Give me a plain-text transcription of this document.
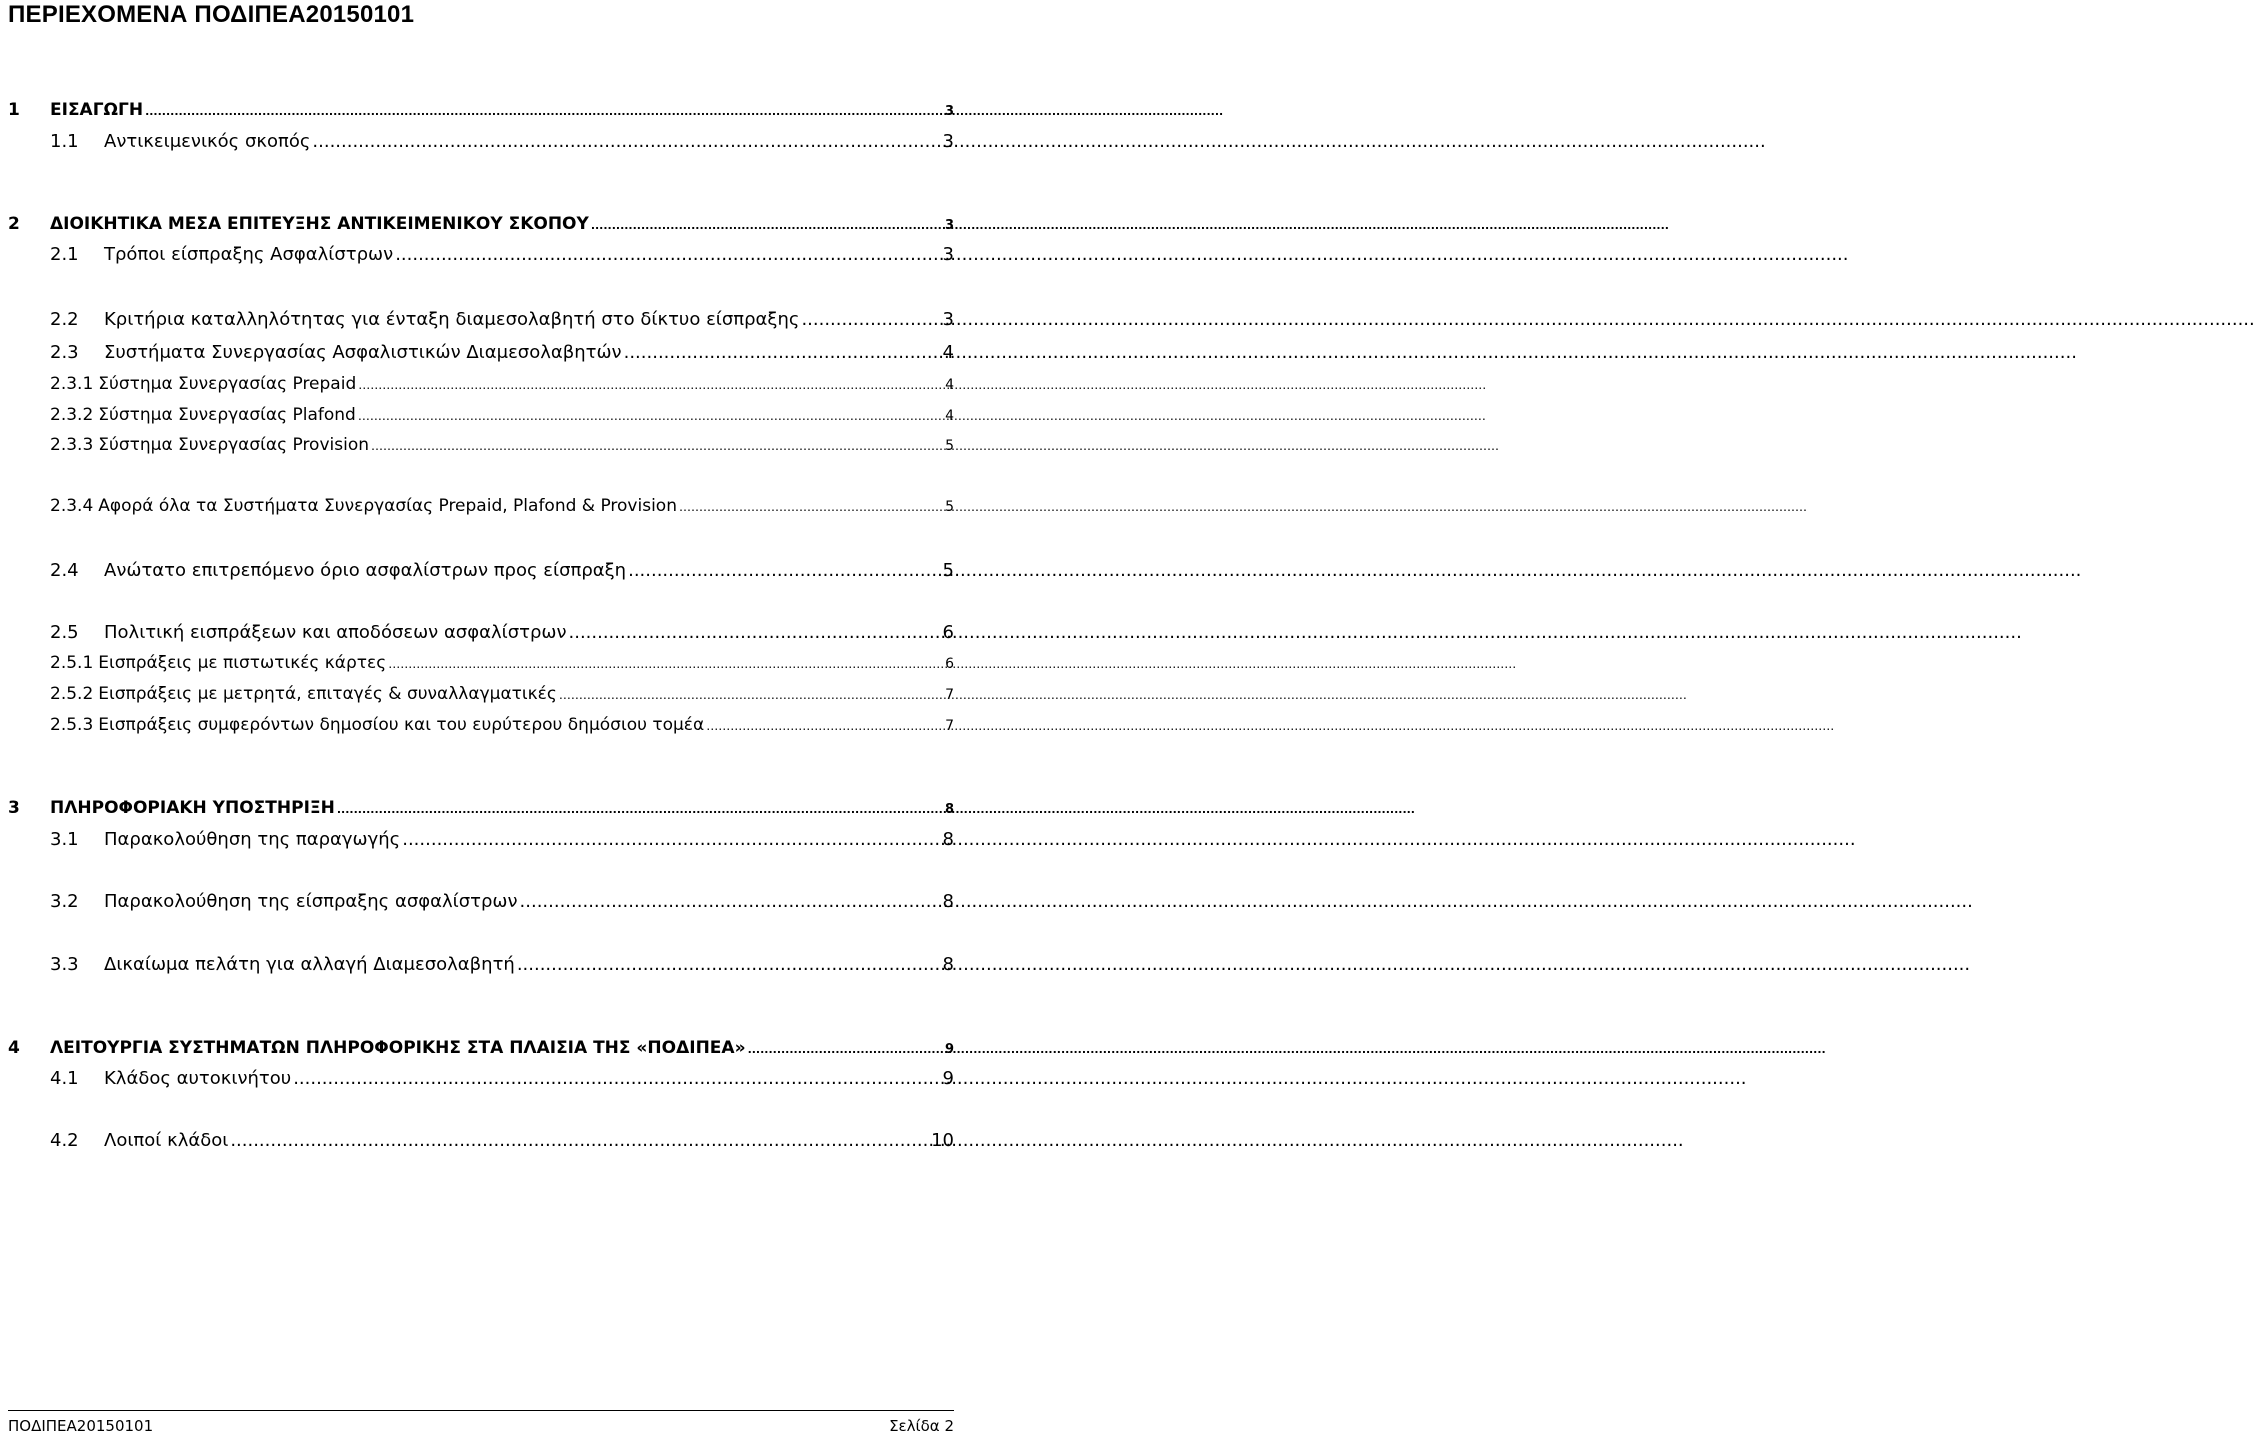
ΠΕΡΙΕΧΟΜΕΝΑ ΠΟΔΙΠΕΑ20150101
1	ΕΙΣΑΓΩΓΗ .....	3
1.1	Αντικειμενικός σκοπός .....	3
2	ΔΙΟΙΚΗΤΙΚΑ ΜΕΣΑ ΕΠΙΤΕΥΞΗΣ ΑΝΤΙΚΕΙΜΕΝΙΚΟΥ ΣΚΟΠΟΥ .....	3
2.1	Τρόποι είσπραξης Ασφαλίστρων .....	3
2.2	Κριτήρια καταλληλότητας για ένταξη διαμεσολαβητή στο δίκτυο είσπραξης .....	3
2.3	Συστήματα Συνεργασίας Ασφαλιστικών Διαμεσολαβητών .....	4
2.3.1 Σύστημα Συνεργασίας Prepaid …………………………………………………………………………………………………………………………………………………………………………………………………………………………………………………………	4
2.3.2 Σύστημα Συνεργασίας Plafond …………………………………………………………………………………………………………………………………………………………………………………………………………………………………………………………	4
2.3.3 Σύστημα Συνεργασίας Provision …………………………………………………………………………………………………………………………………………………………………………………………………………………………………………………………	5
2.3.4 Αφορά όλα τα Συστήματα Συνεργασίας Prepaid, Plafond & Provision …………………………………………………………………………………………………………………………………………………………………………………………………………………………………………………………	5
2.4	Ανώτατο επιτρεπόμενο όριο ασφαλίστρων προς είσπραξη .....	5
2.5	Πολιτική εισπράξεων και αποδόσεων ασφαλίστρων .....	6
2.5.1 Εισπράξεις με πιστωτικές κάρτες …………………………………………………………………………………………………………………………………………………………………………………………………………………………………………………………	6
2.5.2 Εισπράξεις με μετρητά, επιταγές & συναλλαγματικές …………………………………………………………………………………………………………………………………………………………………………………………………………………………………………………………	7
2.5.3 Εισπράξεις συμφερόντων δημοσίου και του ευρύτερου δημόσιου τομέα …………………………………………………………………………………………………………………………………………………………………………………………………………………………………………………………	7
3	ΠΛΗΡΟΦΟΡΙΑΚΗ ΥΠΟΣΤΗΡΙΞΗ .....	8
3.1	Παρακολούθηση της παραγωγής .....	8
3.2	Παρακολούθηση της είσπραξης ασφαλίστρων .....	8
3.3	Δικαίωμα πελάτη για αλλαγή Διαμεσολαβητή .....	8
4	ΛΕΙΤΟΥΡΓΙΑ ΣΥΣΤΗΜΑΤΩΝ ΠΛΗΡΟΦΟΡΙΚΗΣ ΣΤΑ ΠΛΑΙΣΙΑ ΤΗΣ «ΠΟΔΙΠΕΑ» .....	9
4.1	Κλάδος αυτοκινήτου .....	9
4.2	Λοιποί κλάδοι .....	10
ΠΟΔΙΠΕΑ20150101	Σελίδα 2
